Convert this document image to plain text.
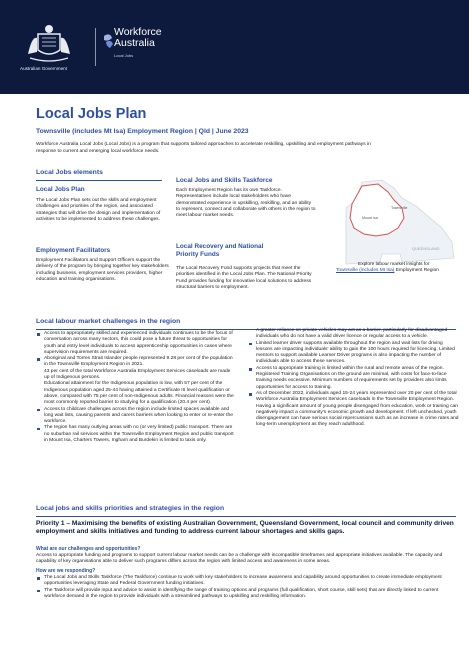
Australian Government
Workforce
Australia
Local Jobs
Local Jobs Plan
Townsville (includes Mt Isa) Employment Region | Qld | June 2023
Workforce Australia Local Jobs (Local Jobs) is a program that supports tailored approaches to accelerate reskilling, upskilling and employment pathways in response to current and emerging local workforce needs.
Local Jobs elements
Local Jobs Plan
The Local Jobs Plan sets out the skills and employment challenges and priorities of the region, and associated strategies that will drive the design and implementation of activities to be implemented to address these challenges.
Employment Facilitators
Employment Facilitators and Support Officers support the delivery of the program by bringing together key stakeholders including business, employment services providers, higher education and training organisations.
Local Jobs and Skills Taskforce
Each Employment Region has its own Taskforce. Representatives include local stakeholders who have demonstrated experience in upskilling, reskilling, and an ability to represent, connect and collaborate with others in the region to meet labour market needs.
Local Recovery and National
Priority Funds
The Local Recovery Fund supports projects that meet the priorities identified in the Local Jobs Plan. The National Priority Fund provides funding for innovative local solutions to address structural barriers to employment.
Mount Isa
Townsville
QUEENSLAND
Explore labour market insights for
Townsville (includes Mt Isa) Employment Region
Local labour market challenges in the region
Access to appropriately skilled and experienced individuals continues to be the focus of conversation across many sectors, this could pose a future threat to opportunities for youth and entry level individuals to access apprenticeship opportunities in cases where supervision requirements are required.
Aboriginal and Torres Strait Islander people represented 9.28 per cent of the population in the Townsville Employment Region in 2021.
43 per cent of the total Workforce Australia Employment Services caseloads are made up of Indigenous persons.
Educational attainment for the Indigenous population is low, with 57 per cent of the Indigenous population aged 25-44 having attained a Certificate III level qualification or above, compared with 75 per cent of non-Indigenous adults. Financial reasons were the most commonly reported barrier to studying for a qualification (20.4 per cent).
Access to childcare challenges across the region include limited spaces available and long wait lists, causing parents and carers barriers when looking to enter or re-enter the workforce.
The region has many outlying areas with no (or very limited) public transport. There are no suburban rail services within the Townsville Employment Region and public transport in Mount Isa, Charters Towers, Ingham and Burdekin is limited to taxis only.
A greater reliance on private vehicles may act as a barrier, particularly for disadvantaged individuals who do not have a valid driver licence or regular access to a vehicle.
Limited learner driver supports available throughout the region and wait lists for driving lessons are impacting individuals' ability to gain the 100 hours required for licencing. Limited mentors to support available Learner Driver programs is also impacting the number of individuals able to access these services.
Access to appropriate training is limited within the rural and remote areas of the region. Registered Training Organisations on the ground are minimal, with costs for face-to-face training needs excessive. Minimum numbers of requirements set by providers also limits opportunities for access to training.
As of December 2022, individuals aged 15-24 years represented over 20 per cent of the total Workforce Australia Employment Services caseloads in the Townsville Employment Region. Having a significant amount of young people disengaged from education, work or training can negatively impact a community's economic growth and development. If left unchecked, youth disengagement can have serious social repercussions such as an increase in crime rates and long-term unemployment as they reach adulthood.
Local jobs and skills priorities and strategies in the region
Priority 1 – Maximising the benefits of existing Australian Government, Queensland Government, local council and community driven employment and skills initiatives and funding to address current labour shortages and skills gaps.
What are our challenges and opportunities?
Access to appropriate funding and programs to support current labour market needs can be a challenge with incompatible timeframes and appropriate initiatives available. The capacity and capability of key organisations able to deliver such programs differs across the region with limited access and awareness in some areas.
How are we responding?
The Local Jobs and Skills Taskforce (The Taskforce) continue to work with key stakeholders to increase awareness and capability around opportunities to create immediate employment opportunities leveraging State and Federal Government funding initiatives.
The Taskforce will provide input and advice to assist in identifying the range of training options and programs (full qualification, short course, skill sets) that are directly linked to current workforce demand in the region to provide individuals with a streamlined pathways to upskilling and reskilling information.
